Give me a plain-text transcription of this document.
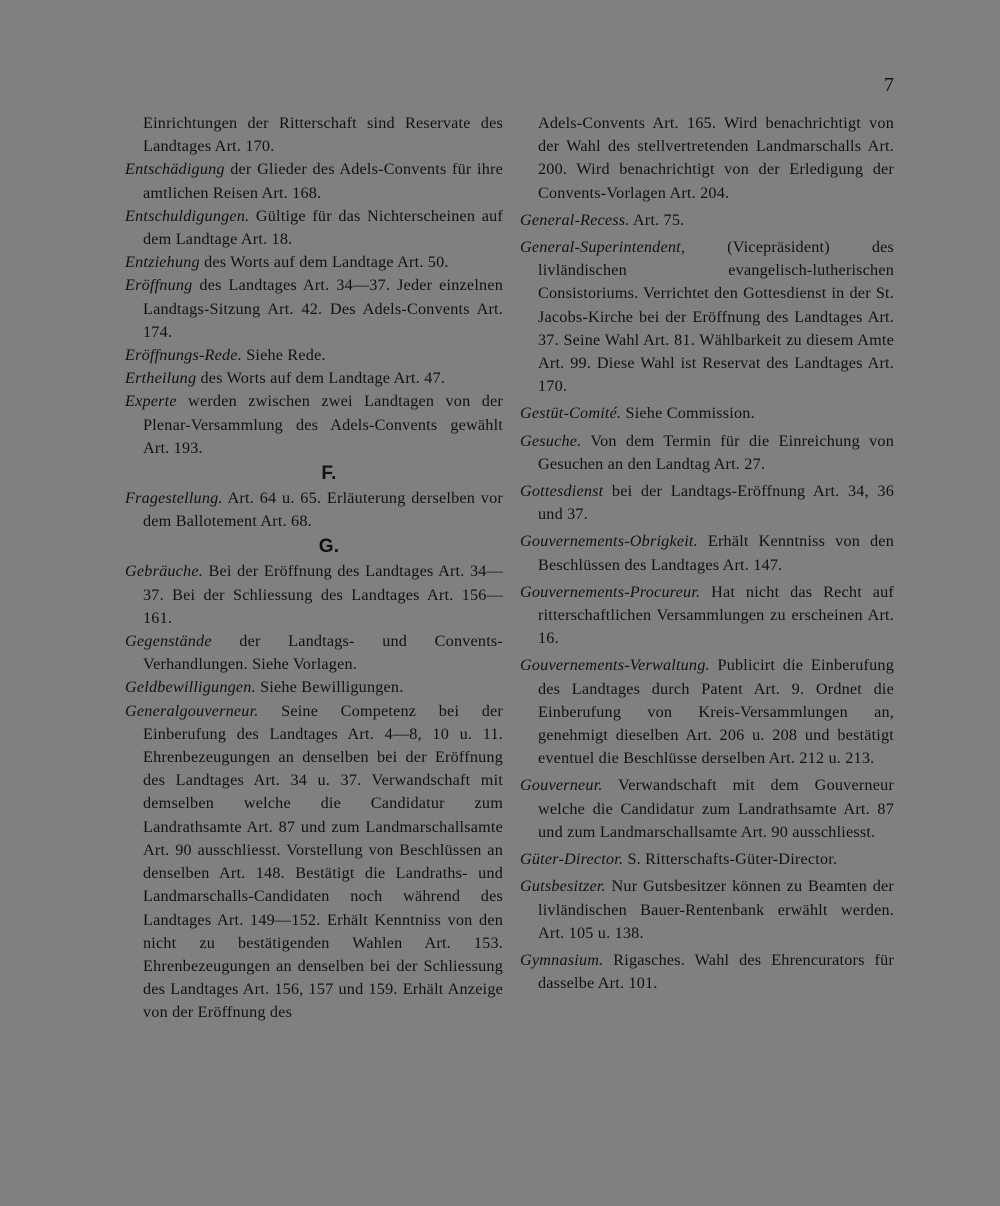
7
Einrichtungen der Ritterschaft sind Reservate des Landtages Art. 170.
Entschädigung der Glieder des Adels-Convents für ihre amtlichen Reisen Art. 168.
Entschuldigungen. Gültige für das Nichterscheinen auf dem Landtage Art. 18.
Entziehung des Worts auf dem Landtage Art. 50.
Eröffnung des Landtages Art. 34—37. Jeder einzelnen Landtags-Sitzung Art. 42. Des Adels-Convents Art. 174.
Eröffnungs-Rede. Siehe Rede.
Ertheilung des Worts auf dem Landtage Art. 47.
Experte werden zwischen zwei Landtagen von der Plenar-Versammlung des Adels-Convents gewählt Art. 193.
F.
Fragestellung. Art. 64 u. 65. Erläuterung derselben vor dem Ballotement Art. 68.
G.
Gebräuche. Bei der Eröffnung des Landtages Art. 34—37. Bei der Schliessung des Landtages Art. 156—161.
Gegenstände der Landtags- und Convents-Verhandlungen. Siehe Vorlagen.
Geldbewilligungen. Siehe Bewilligungen.
Generalgouverneur. Seine Competenz bei der Einberufung des Landtages Art. 4—8, 10 u. 11. Ehrenbezeugungen an denselben bei der Eröffnung des Landtages Art. 34 u. 37. Verwandschaft mit demselben welche die Candidatur zum Landrathsamte Art. 87 und zum Landmarschallsamte Art. 90 ausschliesst. Vorstellung von Beschlüssen an denselben Art. 148. Bestätigt die Landraths- und Landmarschalls-Candidaten noch während des Landtages Art. 149—152. Erhält Kenntniss von den nicht zu bestätigenden Wahlen Art. 153. Ehrenbezeugungen an denselben bei der Schliessung des Landtages Art. 156, 157 und 159. Erhält Anzeige von der Eröffnung des
Adels-Convents Art. 165. Wird benachrichtigt von der Wahl des stellvertretenden Landmarschalls Art. 200. Wird benachrichtigt von der Erledigung der Convents-Vorlagen Art. 204.
General-Recess. Art. 75.
General-Superintendent, (Vicepräsident) des livländischen evangelisch-lutherischen Consistoriums. Verrichtet den Gottesdienst in der St. Jacobs-Kirche bei der Eröffnung des Landtages Art. 37. Seine Wahl Art. 81. Wählbarkeit zu diesem Amte Art. 99. Diese Wahl ist Reservat des Landtages Art. 170.
Gestüt-Comité. Siehe Commission.
Gesuche. Von dem Termin für die Einreichung von Gesuchen an den Landtag Art. 27.
Gottesdienst bei der Landtags-Eröffnung Art. 34, 36 und 37.
Gouvernements-Obrigkeit. Erhält Kenntniss von den Beschlüssen des Landtages Art. 147.
Gouvernements-Procureur. Hat nicht das Recht auf ritterschaftlichen Versammlungen zu erscheinen Art. 16.
Gouvernements-Verwaltung. Publicirt die Einberufung des Landtages durch Patent Art. 9. Ordnet die Einberufung von Kreis-Versammlungen an, genehmigt dieselben Art. 206 u. 208 und bestätigt eventuel die Beschlüsse derselben Art. 212 u. 213.
Gouverneur. Verwandschaft mit dem Gouverneur welche die Candidatur zum Landrathsamte Art. 87 und zum Landmarschallsamte Art. 90 ausschliesst.
Güter-Director. S. Ritterschafts-Güter-Director.
Gutsbesitzer. Nur Gutsbesitzer können zu Beamten der livländischen Bauer-Rentenbank erwählt werden. Art. 105 u. 138.
Gymnasium. Rigasches. Wahl des Ehrencurators für dasselbe Art. 101.
